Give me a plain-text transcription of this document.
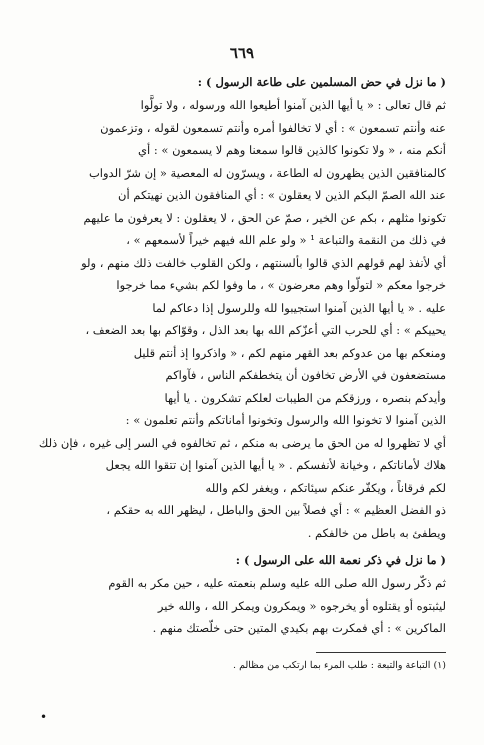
٦٦٩
( ما نزل في حض المسلمين على طاعة الرسول ) :
ثم قال تعالى : « يا أيها الذين آمنوا أطيعوا الله ورسوله ، ولا تولَّوا
عنه وأنتم تسمعون » : أي لا تخالفوا أمره وأنتم تسمعون لقوله ، وتزعمون
أنكم منه ، « ولا تكونوا كالذين قالوا سمعنا وهم لا يسمعون » : أي
كالمنافقين الذين يظهرون له الطاعة ، ويسرّون له المعصية « إن شرّ الدواب
عند الله الصمّ البكم الذين لا يعقلون » : أي المنافقون الذين نهيتكم أن
تكونوا مثلهم ، بكم عن الخير ، صمّ عن الحق ، لا يعقلون : لا يعرفون ما عليهم
في ذلك من النقمة والتباعة ¹ « ولو علم الله فيهم خيراً لأسمعهم » ،
أي لأنفذ لهم قولهم الذي قالوا بألسنتهم ، ولكن القلوب خالفت ذلك منهم ، ولو
خرجوا معكم « لتولّوا وهم معرضون » ، ما وفوا لكم بشيء مما خرجوا
عليه . « يا أيها الذين آمنوا استجيبوا لله وللرسول إذا دعاكم لما
يحييكم » : أي للحرب التي أعزّكم الله بها بعد الذل ، وقوّاكم بها بعد الضعف ،
ومنعكم بها من عدوكم بعد القهر منهم لكم ، « واذكروا إذ أنتم قليل
مستضعفون في الأرض تخافون أن يتخطفكم الناس ، فآواكم
وأيدكم بنصره ، ورزقكم من الطيبات لعلكم تشكرون . يا أيها
الذين آمنوا لا تخونوا الله والرسول وتخونوا أماناتكم وأنتم تعلمون » :
أي لا تظهروا له من الحق ما يرضى به منكم ، ثم تخالفوه في السر إلى غيره ، فإن ذلك
هلاك لأماناتكم ، وخيانة لأنفسكم . « يا أيها الذين آمنوا إن تتقوا الله يجعل
لكم فرقاناً ، ويكفّر عنكم سيئاتكم ، ويغفر لكم والله
ذو الفضل العظيم » : أي فصلاً بين الحق والباطل ، ليظهر الله به حقكم ،
ويطفئ به باطل من خالفكم .
( ما نزل في ذكر نعمة الله على الرسول ) :
ثم ذكّر رسول الله صلى الله عليه وسلم بنعمته عليه ، حين مكر به القوم
ليثبتوه أو يقتلوه أو يخرجوه « ويمكرون ويمكر الله ، والله خير
الماكرين » : أي فمكرت بهم بكيدي المتين حتى خلّصتك منهم .
(١) التباعة والتبعة : طلب المرء بما ارتكب من مظالم .
•
